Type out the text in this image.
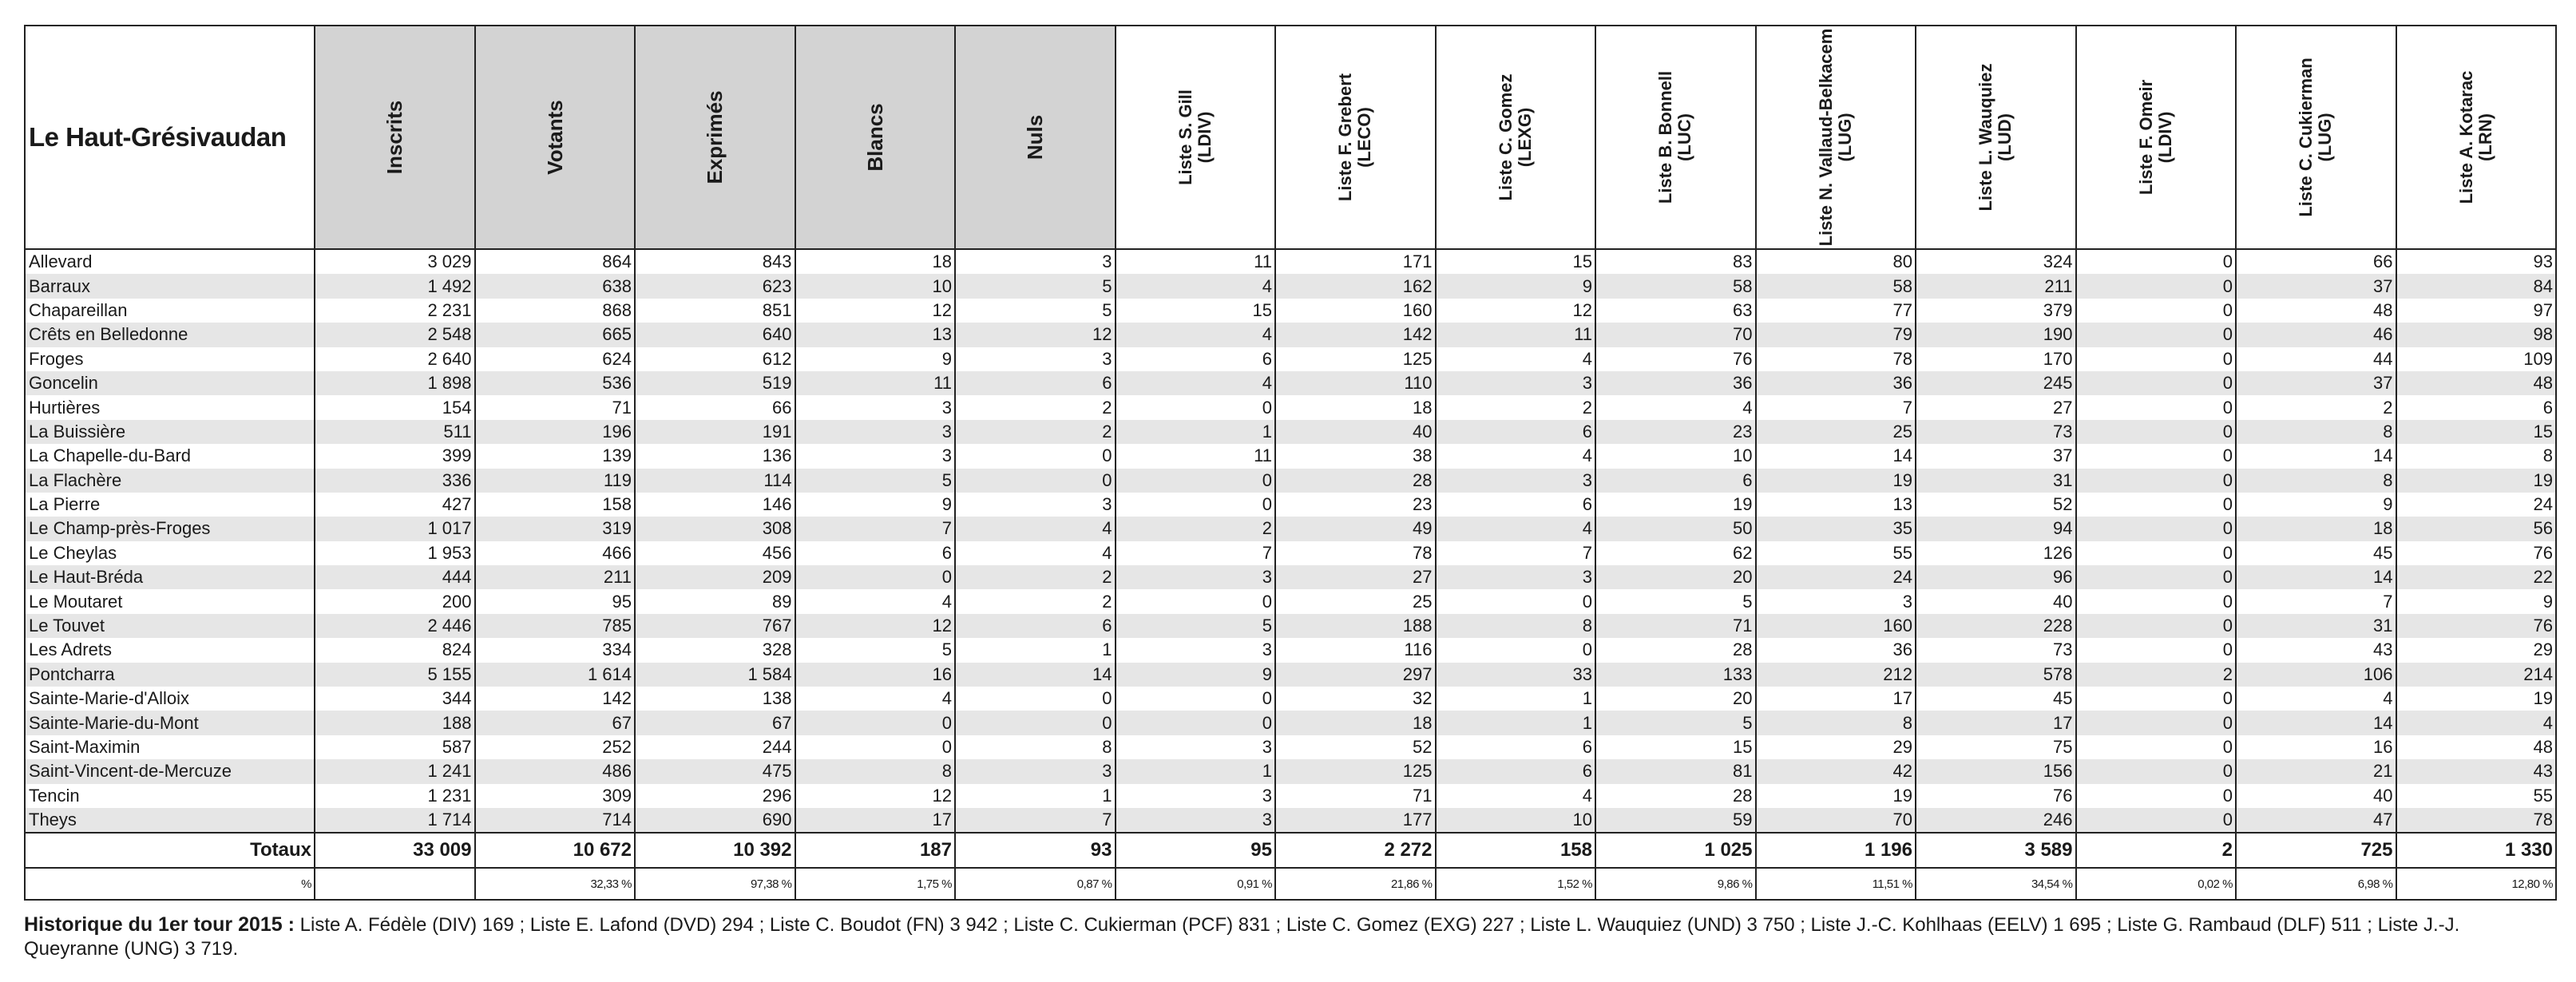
Le Haut-Grésivaudan	Inscrits	Votants	Exprimés	Blancs	Nuls	Liste S. Gill (LDIV)	Liste F. Grebert (LECO)	Liste C. Gomez (LEXG)	Liste B. Bonnell (LUC)	Liste N. Vallaud-Belkacem (LUG)	Liste L. Wauquiez (LUD)	Liste F. Omeir (LDIV)	Liste C. Cukierman (LUG)	Liste A. Kotarac (LRN)

Allevard	3 029	864	843	18	3	11	171	15	83	80	324	0	66	93
Barraux	1 492	638	623	10	5	4	162	9	58	58	211	0	37	84
Chapareillan	2 231	868	851	12	5	15	160	12	63	77	379	0	48	97
Crêts en Belledonne	2 548	665	640	13	12	4	142	11	70	79	190	0	46	98
Froges	2 640	624	612	9	3	6	125	4	76	78	170	0	44	109
Goncelin	1 898	536	519	11	6	4	110	3	36	36	245	0	37	48
Hurtières	154	71	66	3	2	0	18	2	4	7	27	0	2	6
La Buissière	511	196	191	3	2	1	40	6	23	25	73	0	8	15
La Chapelle-du-Bard	399	139	136	3	0	11	38	4	10	14	37	0	14	8
La Flachère	336	119	114	5	0	0	28	3	6	19	31	0	8	19
La Pierre	427	158	146	9	3	0	23	6	19	13	52	0	9	24
Le Champ-près-Froges	1 017	319	308	7	4	2	49	4	50	35	94	0	18	56
Le Cheylas	1 953	466	456	6	4	7	78	7	62	55	126	0	45	76
Le Haut-Bréda	444	211	209	0	2	3	27	3	20	24	96	0	14	22
Le Moutaret	200	95	89	4	2	0	25	0	5	3	40	0	7	9
Le Touvet	2 446	785	767	12	6	5	188	8	71	160	228	0	31	76
Les Adrets	824	334	328	5	1	3	116	0	28	36	73	0	43	29
Pontcharra	5 155	1 614	1 584	16	14	9	297	33	133	212	578	2	106	214
Sainte-Marie-d'Alloix	344	142	138	4	0	0	32	1	20	17	45	0	4	19
Sainte-Marie-du-Mont	188	67	67	0	0	0	18	1	5	8	17	0	14	4
Saint-Maximin	587	252	244	0	8	3	52	6	15	29	75	0	16	48
Saint-Vincent-de-Mercuze	1 241	486	475	8	3	1	125	6	81	42	156	0	21	43
Tencin	1 231	309	296	12	1	3	71	4	28	19	76	0	40	55
Theys	1 714	714	690	17	7	3	177	10	59	70	246	0	47	78
Totaux	33 009	10 672	10 392	187	93	95	2 272	158	1 025	1 196	3 589	2	725	1 330
%		32,33 %	97,38 %	1,75 %	0,87 %	0,91 %	21,86 %	1,52 %	9,86 %	11,51 %	34,54 %	0,02 %	6,98 %	12,80 %
Historique du 1er tour 2015 : Liste A. Fédèle (DIV) 169 ; Liste E. Lafond (DVD) 294 ; Liste C. Boudot (FN) 3 942 ; Liste C. Cukierman (PCF) 831 ; Liste C. Gomez (EXG) 227 ; Liste L. Wauquiez (UND) 3 750 ; Liste J.-C. Kohlhaas (EELV) 1 695 ; Liste G. Rambaud (DLF) 511 ; Liste J.-J. Queyranne (UNG) 3 719.
